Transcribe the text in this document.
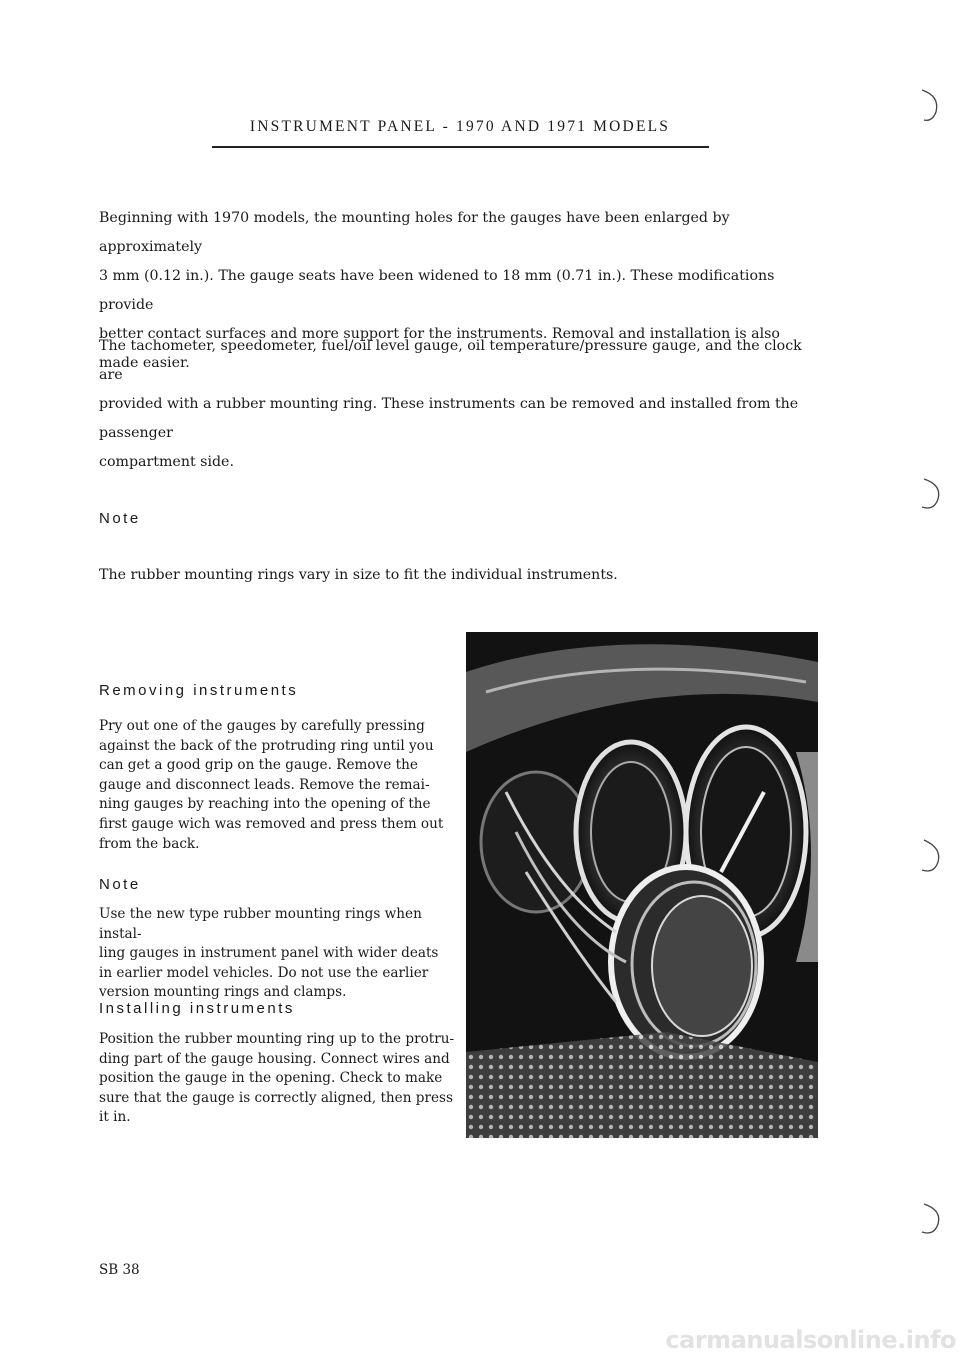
INSTRUMENT PANEL - 1970 AND 1971 MODELS
Beginning with 1970 models, the mounting holes for the gauges have been enlarged by approximately
3 mm (0.12 in.). The gauge seats have been widened to 18 mm (0.71 in.). These modifications provide
better contact surfaces and more support for the instruments. Removal and installation is also made easier.
The tachometer, speedometer, fuel/oil level gauge, oil temperature/pressure gauge, and the clock are
provided with a rubber mounting ring. These instruments can be removed and installed from the passenger
compartment side.
Note
The rubber mounting rings vary in size to fit the individual instruments.
Removing instruments
Pry out one of the gauges by carefully pressing
against the back of the protruding ring until you
can get a good grip on the gauge. Remove the
gauge and disconnect leads. Remove the remai-
ning gauges by reaching into the opening of the
first gauge wich was removed and press them out
from the back.
Note
Use the new type rubber mounting rings when instal-
ling gauges in instrument panel with wider deats
in earlier model vehicles. Do not use the earlier
version mounting rings and clamps.
Installing instruments
Position the rubber mounting ring up to the protru-
ding part of the gauge housing. Connect wires and
position the gauge in the opening. Check to make
sure that the gauge is correctly aligned, then press
it in.
SB 38
carmanualsonline.info
